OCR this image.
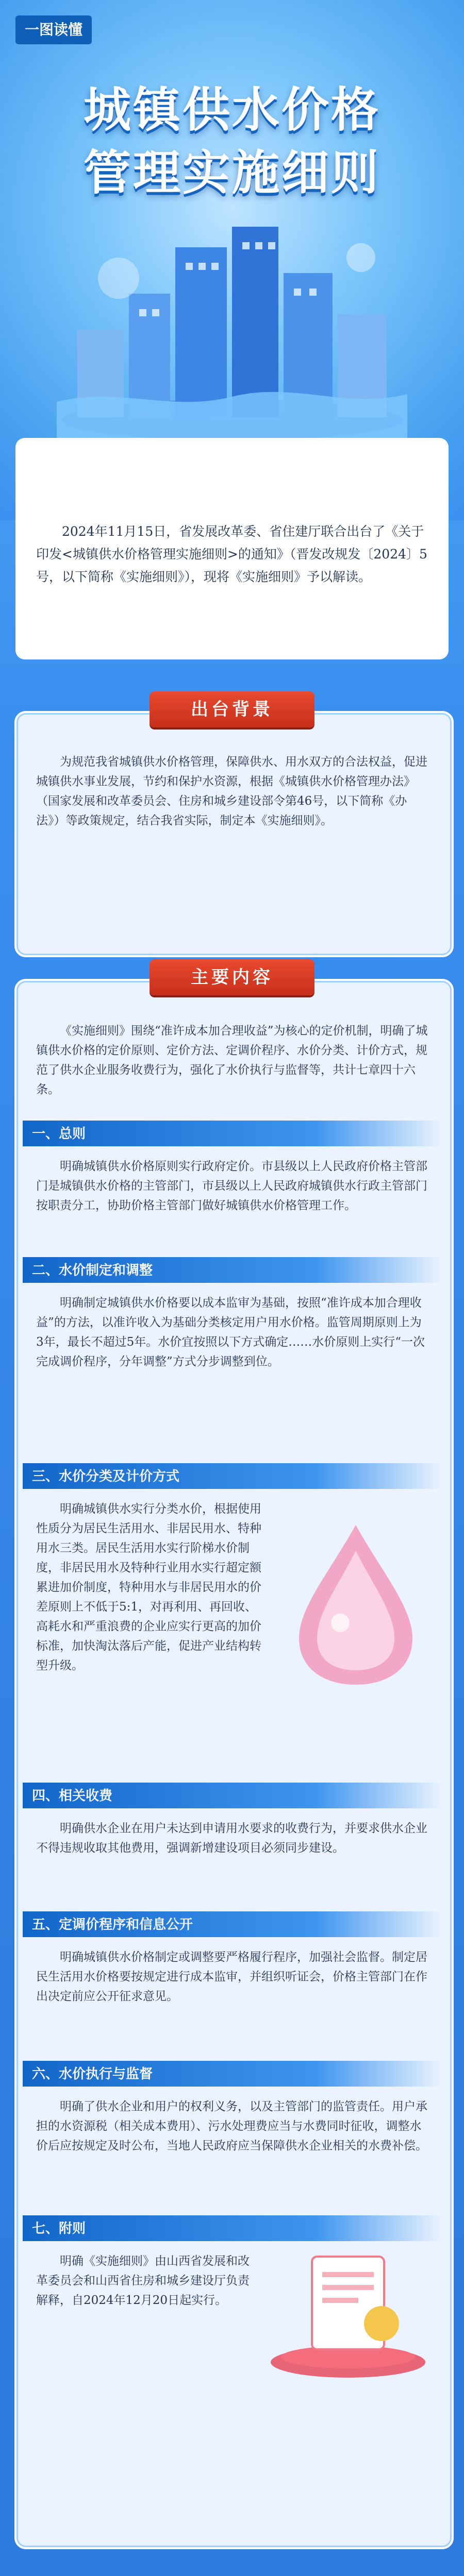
一图读懂
城镇供水价格
管理实施细则

2024年11月15日，省发展改革委、省住建厅联合出台了《关于印发<城镇供水价格管理实施细则>的通知》（晋发改规发〔2024〕5号，以下简称《实施细则》），现将《实施细则》予以解读。

出台背景

为规范我省城镇供水价格管理，保障供水、用水双方的合法权益，促进城镇供水事业发展，节约和保护水资源，根据《城镇供水价格管理办法》（国家发展和改革委员会、住房和城乡建设部令第46号，以下简称《办法》）等政策规定，结合我省实际，制定本《实施细则》。

主要内容

《实施细则》围绕“准许成本加合理收益”为核心的定价机制，明确了城镇供水价格的定价原则、定价方法、定调价程序、水价分类、计价方式，规范了供水企业服务收费行为，强化了水价执行与监督等，共计七章四十六条。

一、总则

明确城镇供水价格原则实行政府定价。市县级以上人民政府价格主管部门是城镇供水价格的主管部门，市县级以上人民政府城镇供水行政主管部门按职责分工，协助价格主管部门做好城镇供水价格管理工作。

二、水价制定和调整

明确制定城镇供水价格要以成本监审为基础，按照“准许成本加合理收益”的方法，以准许收入为基础分类核定用户用水价格。监管周期原则上为3年，最长不超过5年。水价宜按照以下方式确定……水价原则上实行“一次完成调价程序，分年调整”方式分步调整到位。

三、水价分类及计价方式

明确城镇供水实行分类水价，根据使用性质分为居民生活用水、非居民用水、特种用水三类。居民生活用水实行阶梯水价制度，非居民用水及特种行业用水实行超定额累进加价制度，特种用水与非居民用水的价差原则上不低于5:1，对再利用、再回收、高耗水和严重浪费的企业应实行更高的加价标准，加快淘汰落后产能，促进产业结构转型升级。

四、相关收费

明确供水企业在用户未达到申请用水要求的收费行为，并要求供水企业不得违规收取其他费用，强调新增建设项目必须同步建设。

五、定调价程序和信息公开

明确城镇供水价格制定或调整要严格履行程序，加强社会监督。制定居民生活用水价格要按规定进行成本监审，并组织听证会，价格主管部门在作出决定前应公开征求意见。

六、水价执行与监督

明确了供水企业和用户的权利义务，以及主管部门的监管责任。用户承担的水资源税（相关成本费用）、污水处理费应当与水费同时征收，调整水价后应按规定及时公布，当地人民政府应当保障供水企业相关的水费补偿。

七、附则

明确《实施细则》由山西省发展和改革委员会和山西省住房和城乡建设厅负责解释，自2024年12月20日起实行。
